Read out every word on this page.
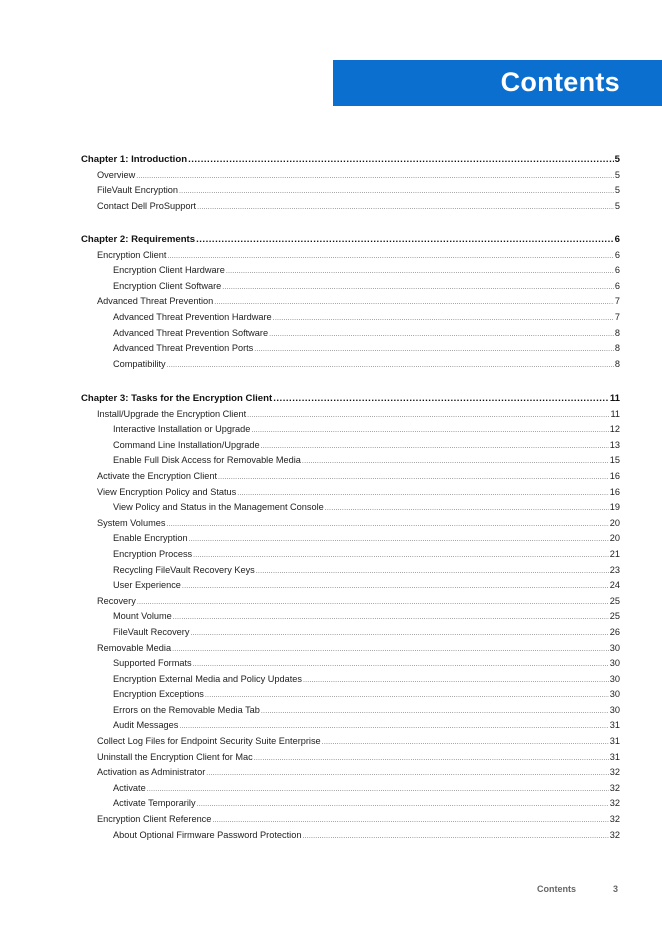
Contents
Chapter 1: Introduction .....	5
Overview .....	5
FileVault Encryption .....	5
Contact Dell ProSupport .....	5
Chapter 2: Requirements .....	6
Encryption Client .....	6
Encryption Client Hardware .....	6
Encryption Client Software .....	6
Advanced Threat Prevention .....	7
Advanced Threat Prevention Hardware .....	7
Advanced Threat Prevention Software .....	8
Advanced Threat Prevention Ports .....	8
Compatibility .....	8
Chapter 3: Tasks for the Encryption Client .....	11
Install/Upgrade the Encryption Client .....	11
Interactive Installation or Upgrade .....	12
Command Line Installation/Upgrade .....	13
Enable Full Disk Access for Removable Media .....	15
Activate the Encryption Client .....	16
View Encryption Policy and Status .....	16
View Policy and Status in the Management Console .....	19
System Volumes .....	20
Enable Encryption .....	20
Encryption Process .....	21
Recycling FileVault Recovery Keys .....	23
User Experience .....	24
Recovery .....	25
Mount Volume .....	25
FileVault Recovery .....	26
Removable Media .....	30
Supported Formats .....	30
Encryption External Media and Policy Updates .....	30
Encryption Exceptions .....	30
Errors on the Removable Media Tab .....	30
Audit Messages .....	31
Collect Log Files for Endpoint Security Suite Enterprise .....	31
Uninstall the Encryption Client for Mac .....	31
Activation as Administrator .....	32
Activate .....	32
Activate Temporarily .....	32
Encryption Client Reference .....	32
About Optional Firmware Password Protection .....	32
Contents	3
